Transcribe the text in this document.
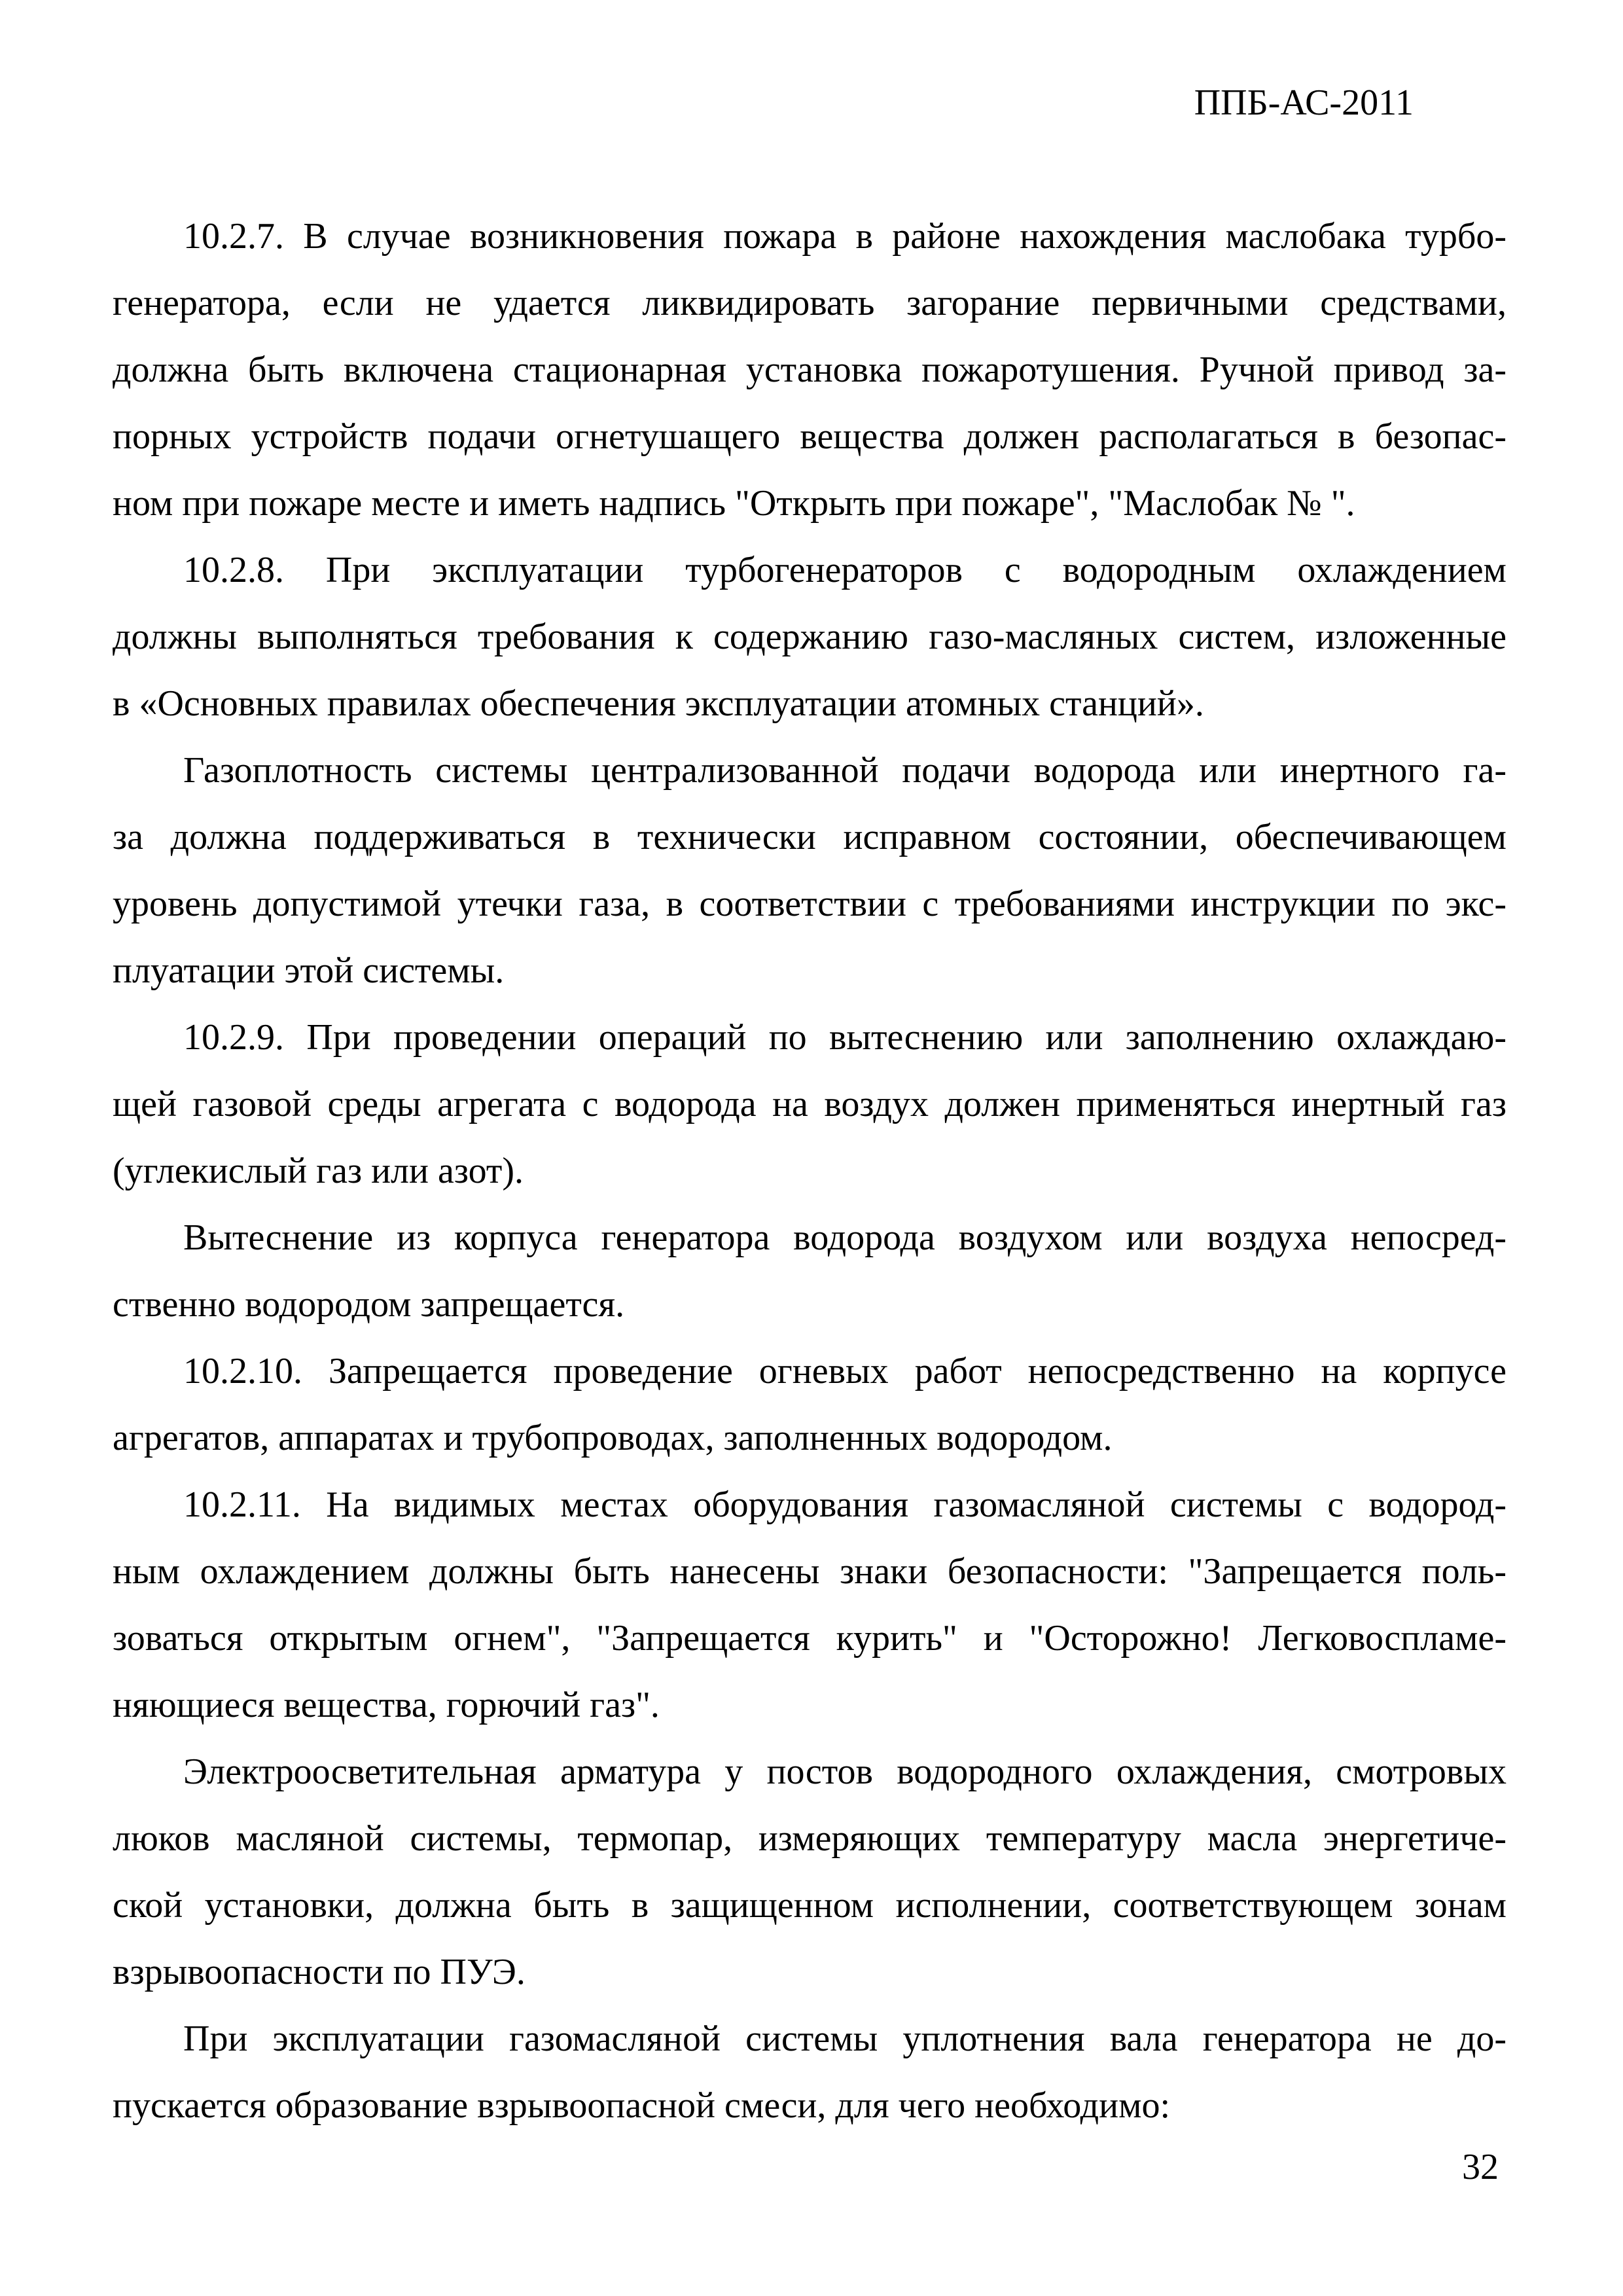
ППБ-АС-2011
10.2.7. В случае возникновения пожара в районе нахождения маслобака турбо-
генератора, если не удается ликвидировать загорание первичными средствами,
должна быть включена стационарная установка пожаротушения. Ручной привод за-
порных устройств подачи огнетушащего вещества должен располагаться в безопас-
ном при пожаре месте и иметь надпись "Открыть при пожаре", "Маслобак № ".
10.2.8. При эксплуатации турбогенераторов с водородным охлаждением
должны выполняться требования к содержанию газо-масляных систем, изложенные
в «Основных правилах обеспечения эксплуатации атомных станций».
Газоплотность системы централизованной подачи водорода или инертного га-
за должна поддерживаться в технически исправном состоянии, обеспечивающем
уровень допустимой утечки газа, в соответствии с требованиями инструкции по экс-
плуатации этой системы.
10.2.9. При проведении операций по вытеснению или заполнению охлаждаю-
щей газовой среды агрегата с водорода на воздух должен применяться инертный газ
(углекислый газ или азот).
Вытеснение из корпуса генератора водорода воздухом или воздуха непосред-
ственно водородом запрещается.
10.2.10. Запрещается проведение огневых работ непосредственно на корпусе
агрегатов, аппаратах и трубопроводах, заполненных водородом.
10.2.11. На видимых местах оборудования газомасляной системы с водород-
ным охлаждением должны быть нанесены знаки безопасности: "Запрещается поль-
зоваться открытым огнем", "Запрещается курить" и "Осторожно! Легковоспламе-
няющиеся вещества, горючий газ".
Электроосветительная арматура у постов водородного охлаждения, смотровых
люков масляной системы, термопар, измеряющих температуру масла энергетиче-
ской установки, должна быть в защищенном исполнении, соответствующем зонам
взрывоопасности по ПУЭ.
При эксплуатации газомасляной системы уплотнения вала генератора не до-
пускается образование взрывоопасной смеси, для чего необходимо:
32
